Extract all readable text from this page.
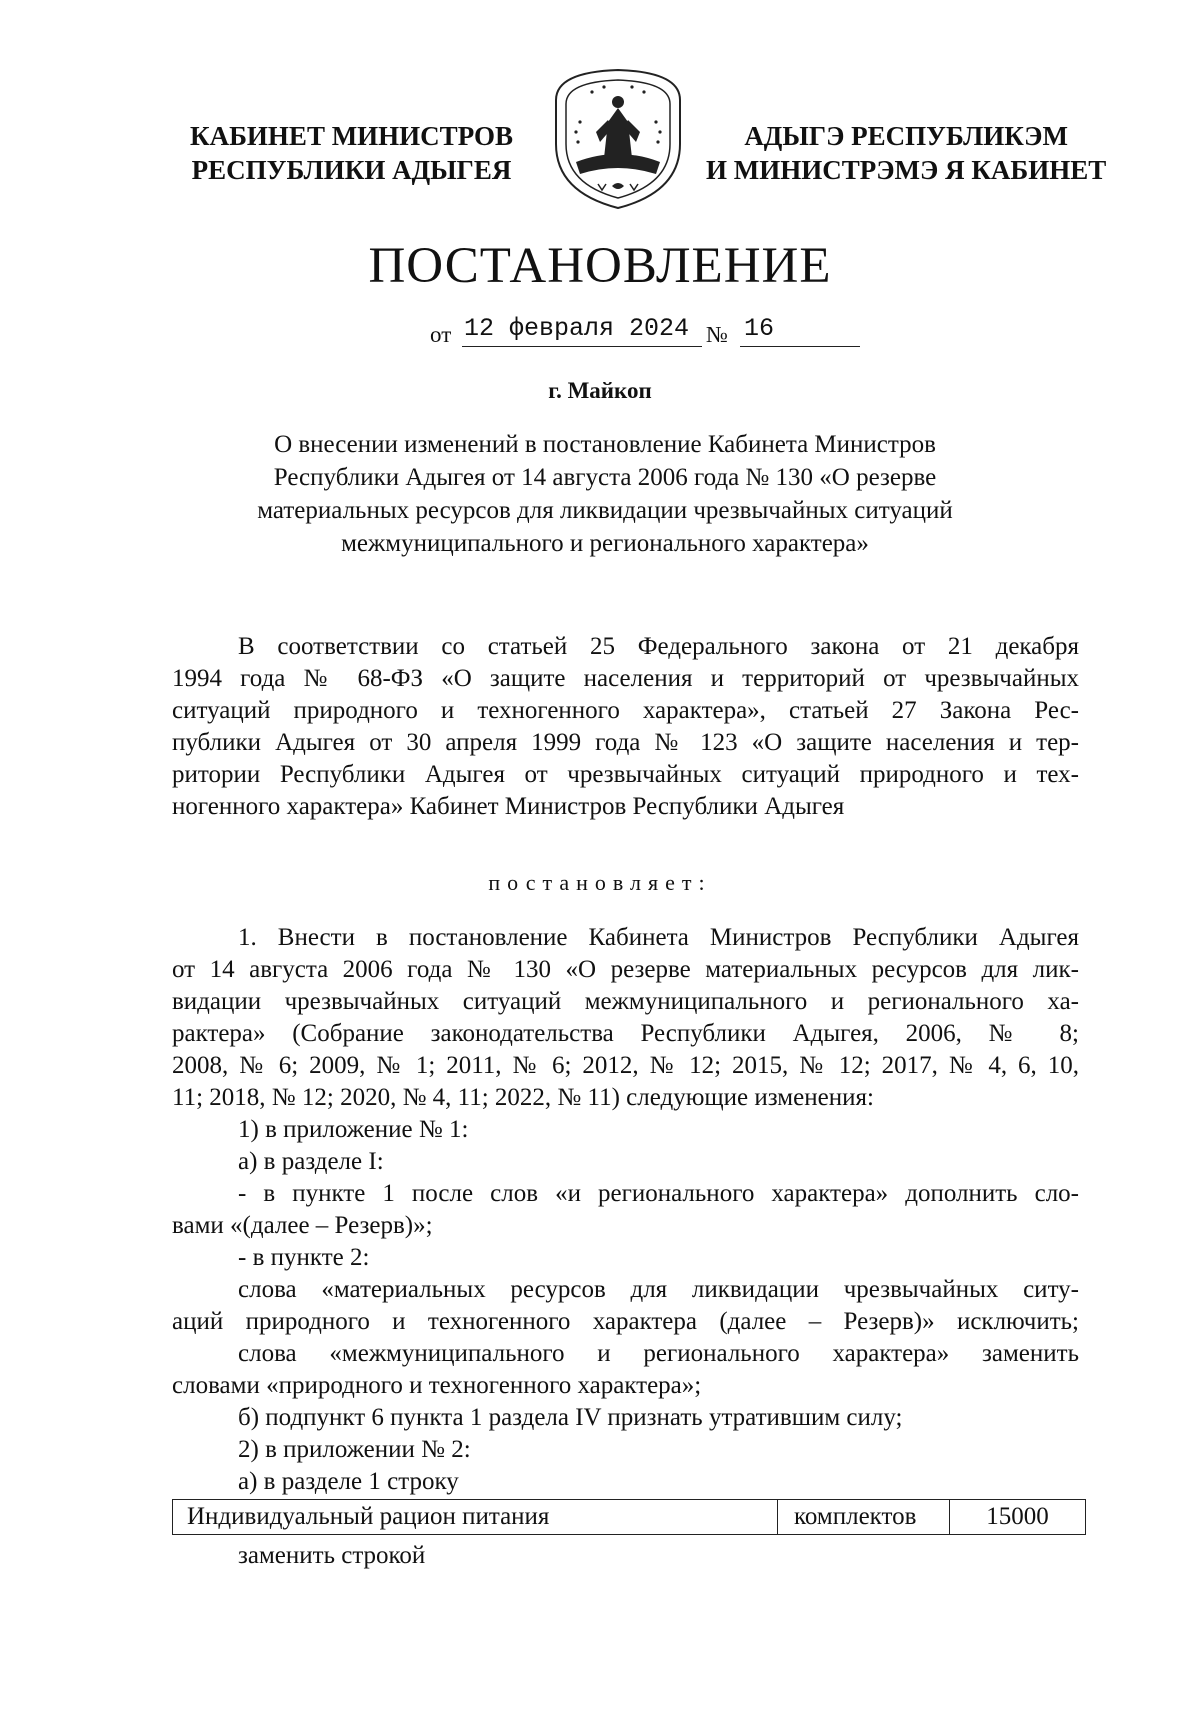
КАБИНЕТ МИНИСТРОВ
РЕСПУБЛИКИ АДЫГЕЯ
АДЫГЭ РЕСПУБЛИКЭМ
И МИНИСТРЭМЭ Я КАБИНЕТ
ПОСТАНОВЛЕНИЕ
от 12 февраля 2024 № 16
г. Майкоп
О внесении изменений в постановление Кабинета Министров
Республики Адыгея от 14 августа 2006 года № 130 «О резерве
материальных ресурсов для ликвидации чрезвычайных ситуаций
межмуниципального и регионального характера»
В соответствии со статьей 25 Федерального закона от 21 декабря
1994 года № 68-ФЗ «О защите населения и территорий от чрезвычайных
ситуаций природного и техногенного характера», статьей 27 Закона Рес-
публики Адыгея от 30 апреля 1999 года № 123 «О защите населения и тер-
ритории Республики Адыгея от чрезвычайных ситуаций природного и тех-
ногенного характера» Кабинет Министров Республики Адыгея
постановляет:
1. Внести в постановление Кабинета Министров Республики Адыгея
от 14 августа 2006 года № 130 «О резерве материальных ресурсов для лик-
видации чрезвычайных ситуаций межмуниципального и регионального ха-
рактера» (Собрание законодательства Республики Адыгея, 2006, № 8;
2008, № 6; 2009, № 1; 2011, № 6; 2012, № 12; 2015, № 12; 2017, № 4, 6, 10,
11; 2018, № 12; 2020, № 4, 11; 2022, № 11) следующие изменения:
1) в приложение № 1:
а) в разделе I:
- в пункте 1 после слов «и регионального характера» дополнить сло-
вами «(далее – Резерв)»;
- в пункте 2:
слова «материальных ресурсов для ликвидации чрезвычайных ситу-
аций природного и техногенного характера (далее – Резерв)» исключить;
слова «межмуниципального и регионального характера» заменить
словами «природного и техногенного характера»;
б) подпункт 6 пункта 1 раздела IV признать утратившим силу;
2) в приложении № 2:
а) в разделе 1 строку
Индивидуальный рацион питания	комплектов	15000
заменить строкой
